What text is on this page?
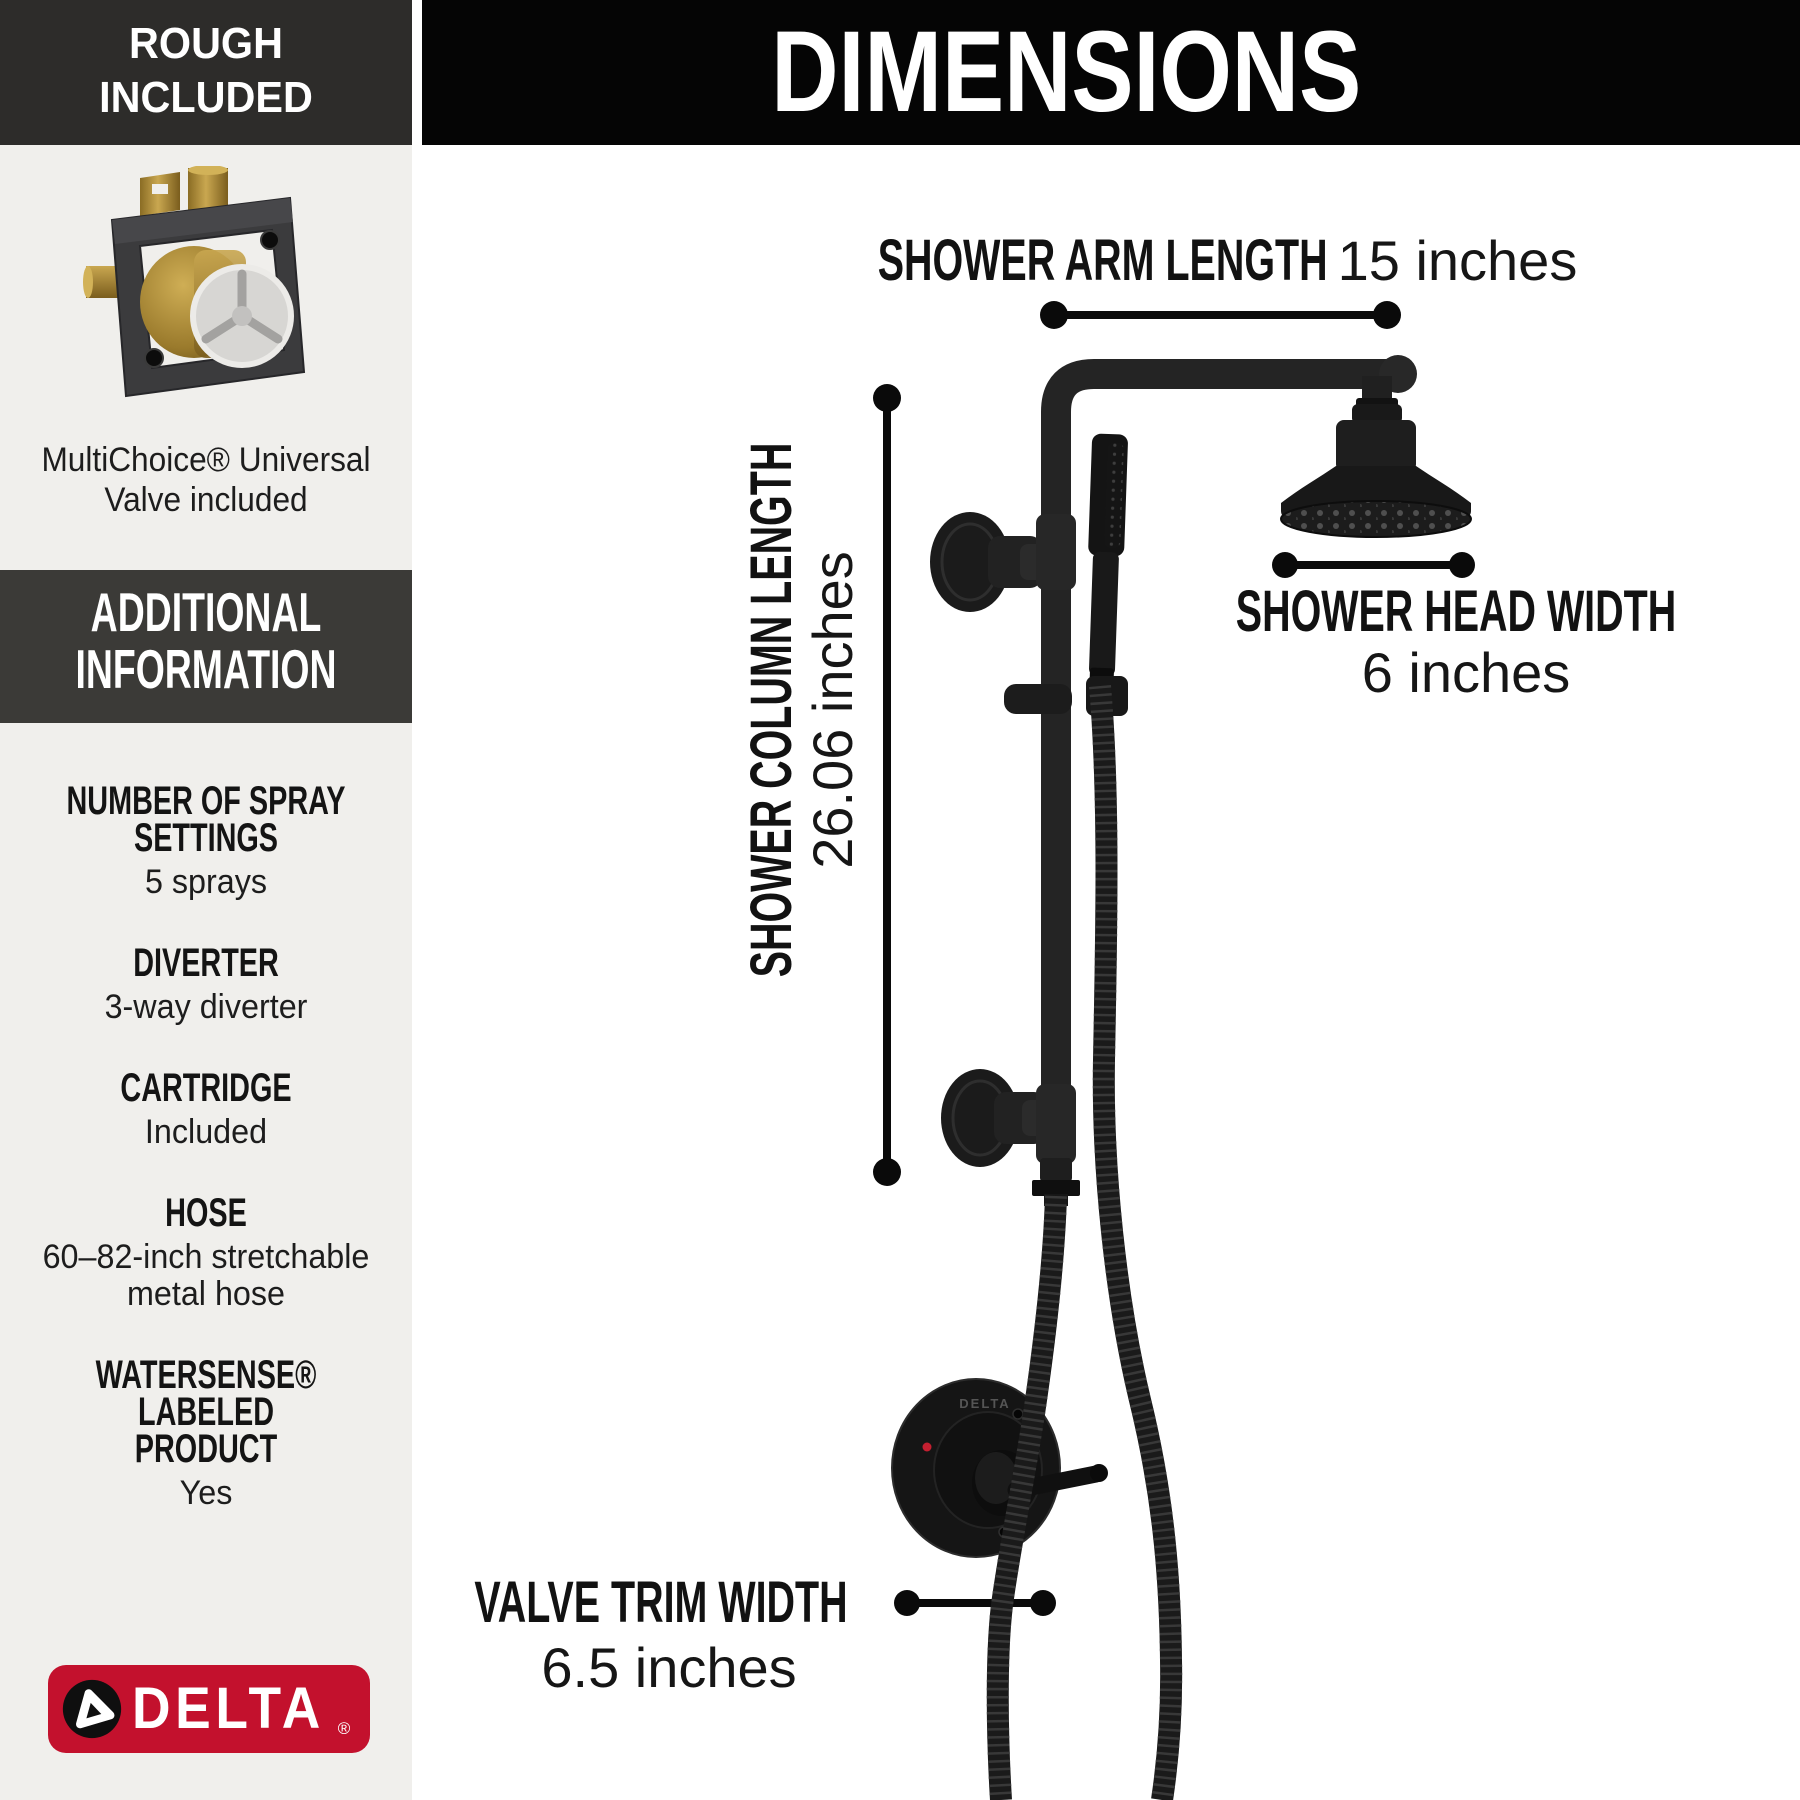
ROUGH
INCLUDED
MultiChoice® Universal
Valve included
ADDITIONAL
INFORMATION
NUMBER OF SPRAY
SETTINGS
5 sprays
DIVERTER
3-way diverter
CARTRIDGE
Included
HOSE
60–82-inch stretchable
metal hose
WATERSENSE® LABELED
PRODUCT
Yes
DELTA ®
DIMENSIONS
SHOWER ARM LENGTH 15 inches
SHOWER COLUMN LENGTH
26.06 inches	SHOWER HEAD WIDTH
6 inches
VALVE TRIM WIDTH
6.5 inches
DELTA
